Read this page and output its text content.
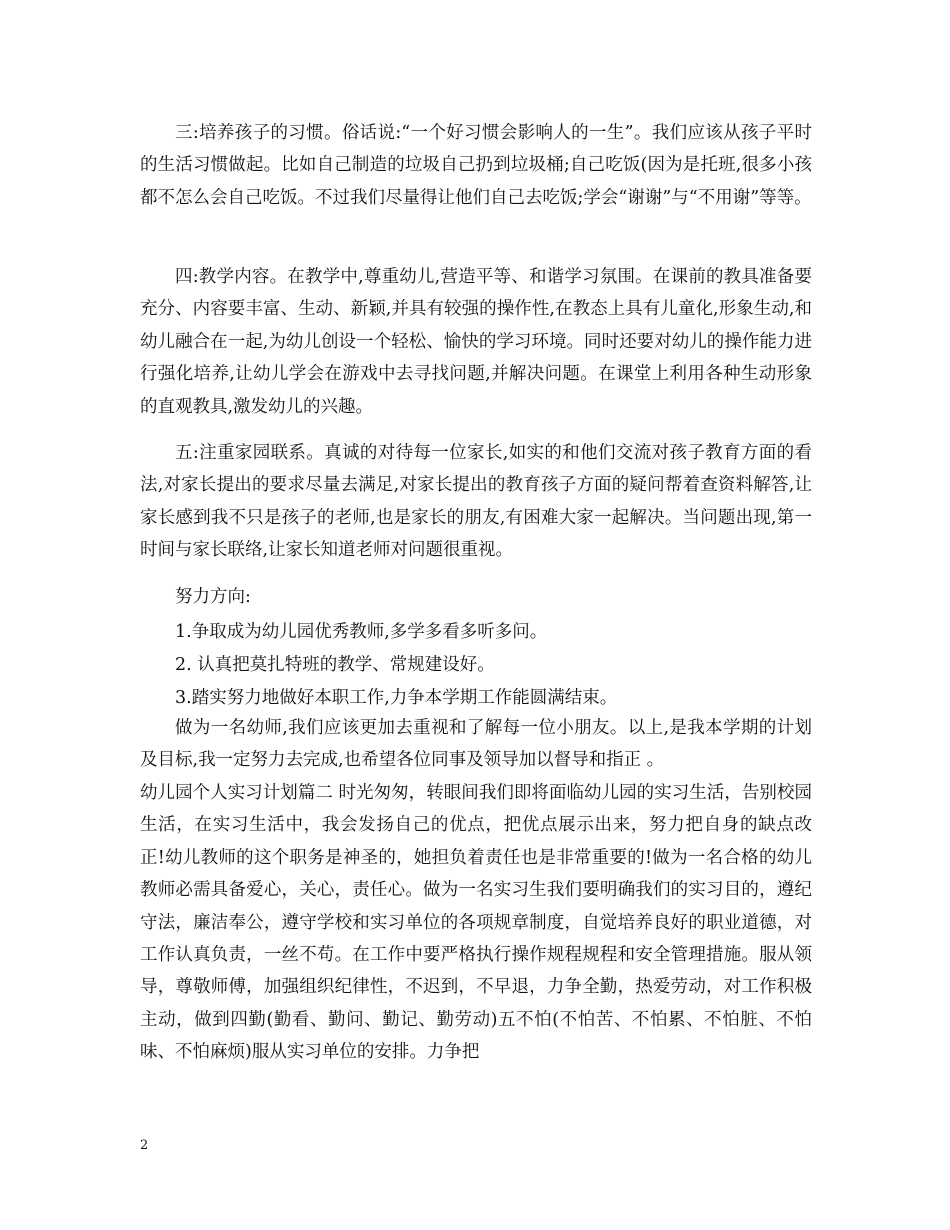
三:培养孩子的习惯。俗话说:“一个好习惯会影响人的一生”。我们应该从孩子平时的生活习惯做起。比如自己制造的垃圾自己扔到垃圾桶;自己吃饭(因为是托班,很多小孩都不怎么会自己吃饭。不过我们尽量得让他们自己去吃饭;学会“谢谢”与“不用谢”等等。

四:教学内容。在教学中,尊重幼儿,营造平等、和谐学习氛围。在课前的教具准备要充分、内容要丰富、生动、新颖,并具有较强的操作性,在教态上具有儿童化,形象生动,和幼儿融合在一起,为幼儿创设一个轻松、愉快的学习环境。同时还要对幼儿的操作能力进行强化培养,让幼儿学会在游戏中去寻找问题,并解决问题。在课堂上利用各种生动形象的直观教具,激发幼儿的兴趣。

五:注重家园联系。真诚的对待每一位家长,如实的和他们交流对孩子教育方面的看法,对家长提出的要求尽量去满足,对家长提出的教育孩子方面的疑问帮着查资料解答,让家长感到我不只是孩子的老师,也是家长的朋友,有困难大家一起解决。当问题出现,第一时间与家长联络,让家长知道老师对问题很重视。

努力方向:

1.争取成为幼儿园优秀教师,多学多看多听多问。

2. 认真把莫扎特班的教学、常规建设好。

3.踏实努力地做好本职工作,力争本学期工作能圆满结束。

做为一名幼师,我们应该更加去重视和了解每一位小朋友。以上,是我本学期的计划及目标,我一定努力去完成,也希望各位同事及领导加以督导和指正 。

幼儿园个人实习计划篇二 时光匆匆，转眼间我们即将面临幼儿园的实习生活，告别校园生活，在实习生活中，我会发扬自己的优点，把优点展示出来，努力把自身的缺点改正!幼儿教师的这个职务是神圣的，她担负着责任也是非常重要的!做为一名合格的幼儿教师必需具备爱心，关心，责任心。做为一名实习生我们要明确我们的实习目的，遵纪守法，廉洁奉公，遵守学校和实习单位的各项规章制度，自觉培养良好的职业道德，对工作认真负责，一丝不苟。在工作中要严格执行操作规程规程和安全管理措施。服从领导，尊敬师傅，加强组织纪律性，不迟到，不早退，力争全勤，热爱劳动，对工作积极主动，做到四勤(勤看、勤问、勤记、勤劳动)五不怕(不怕苦、不怕累、不怕脏、不怕味、不怕麻烦)服从实习单位的安排。力争把

2
